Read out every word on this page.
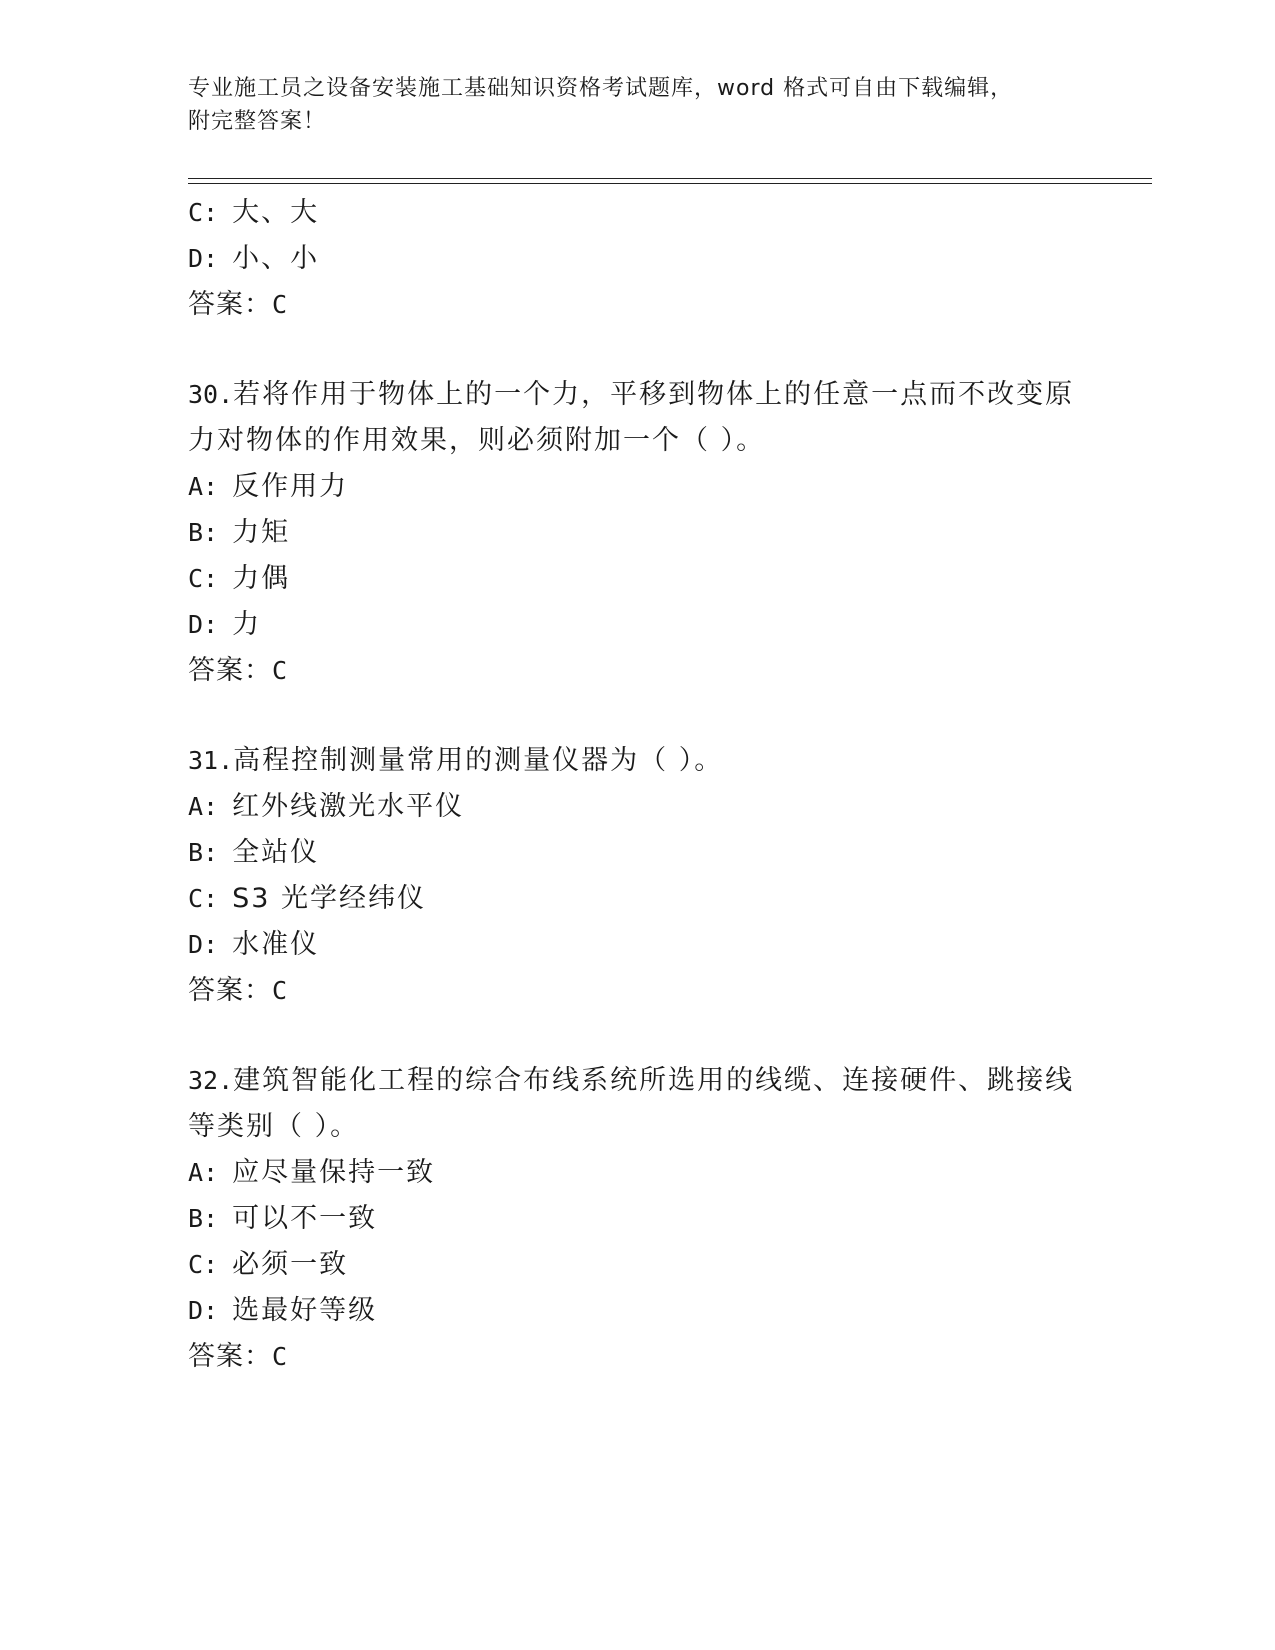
专业施工员之设备安装施工基础知识资格考试题库，word 格式可自由下载编辑，
附完整答案！
C: 大、大
D: 小、小
答案：C
30.若将作用于物体上的一个力，平移到物体上的任意一点而不改变原
力对物体的作用效果，则必须附加一个（ ）。
A: 反作用力
B: 力矩
C: 力偶
D: 力
答案：C
31.高程控制测量常用的测量仪器为（ ）。
A: 红外线激光水平仪
B: 全站仪
C: S3 光学经纬仪
D: 水准仪
答案：C
32.建筑智能化工程的综合布线系统所选用的线缆、连接硬件、跳接线
等类别（ ）。
A: 应尽量保持一致
B: 可以不一致
C: 必须一致
D: 选最好等级
答案：C
